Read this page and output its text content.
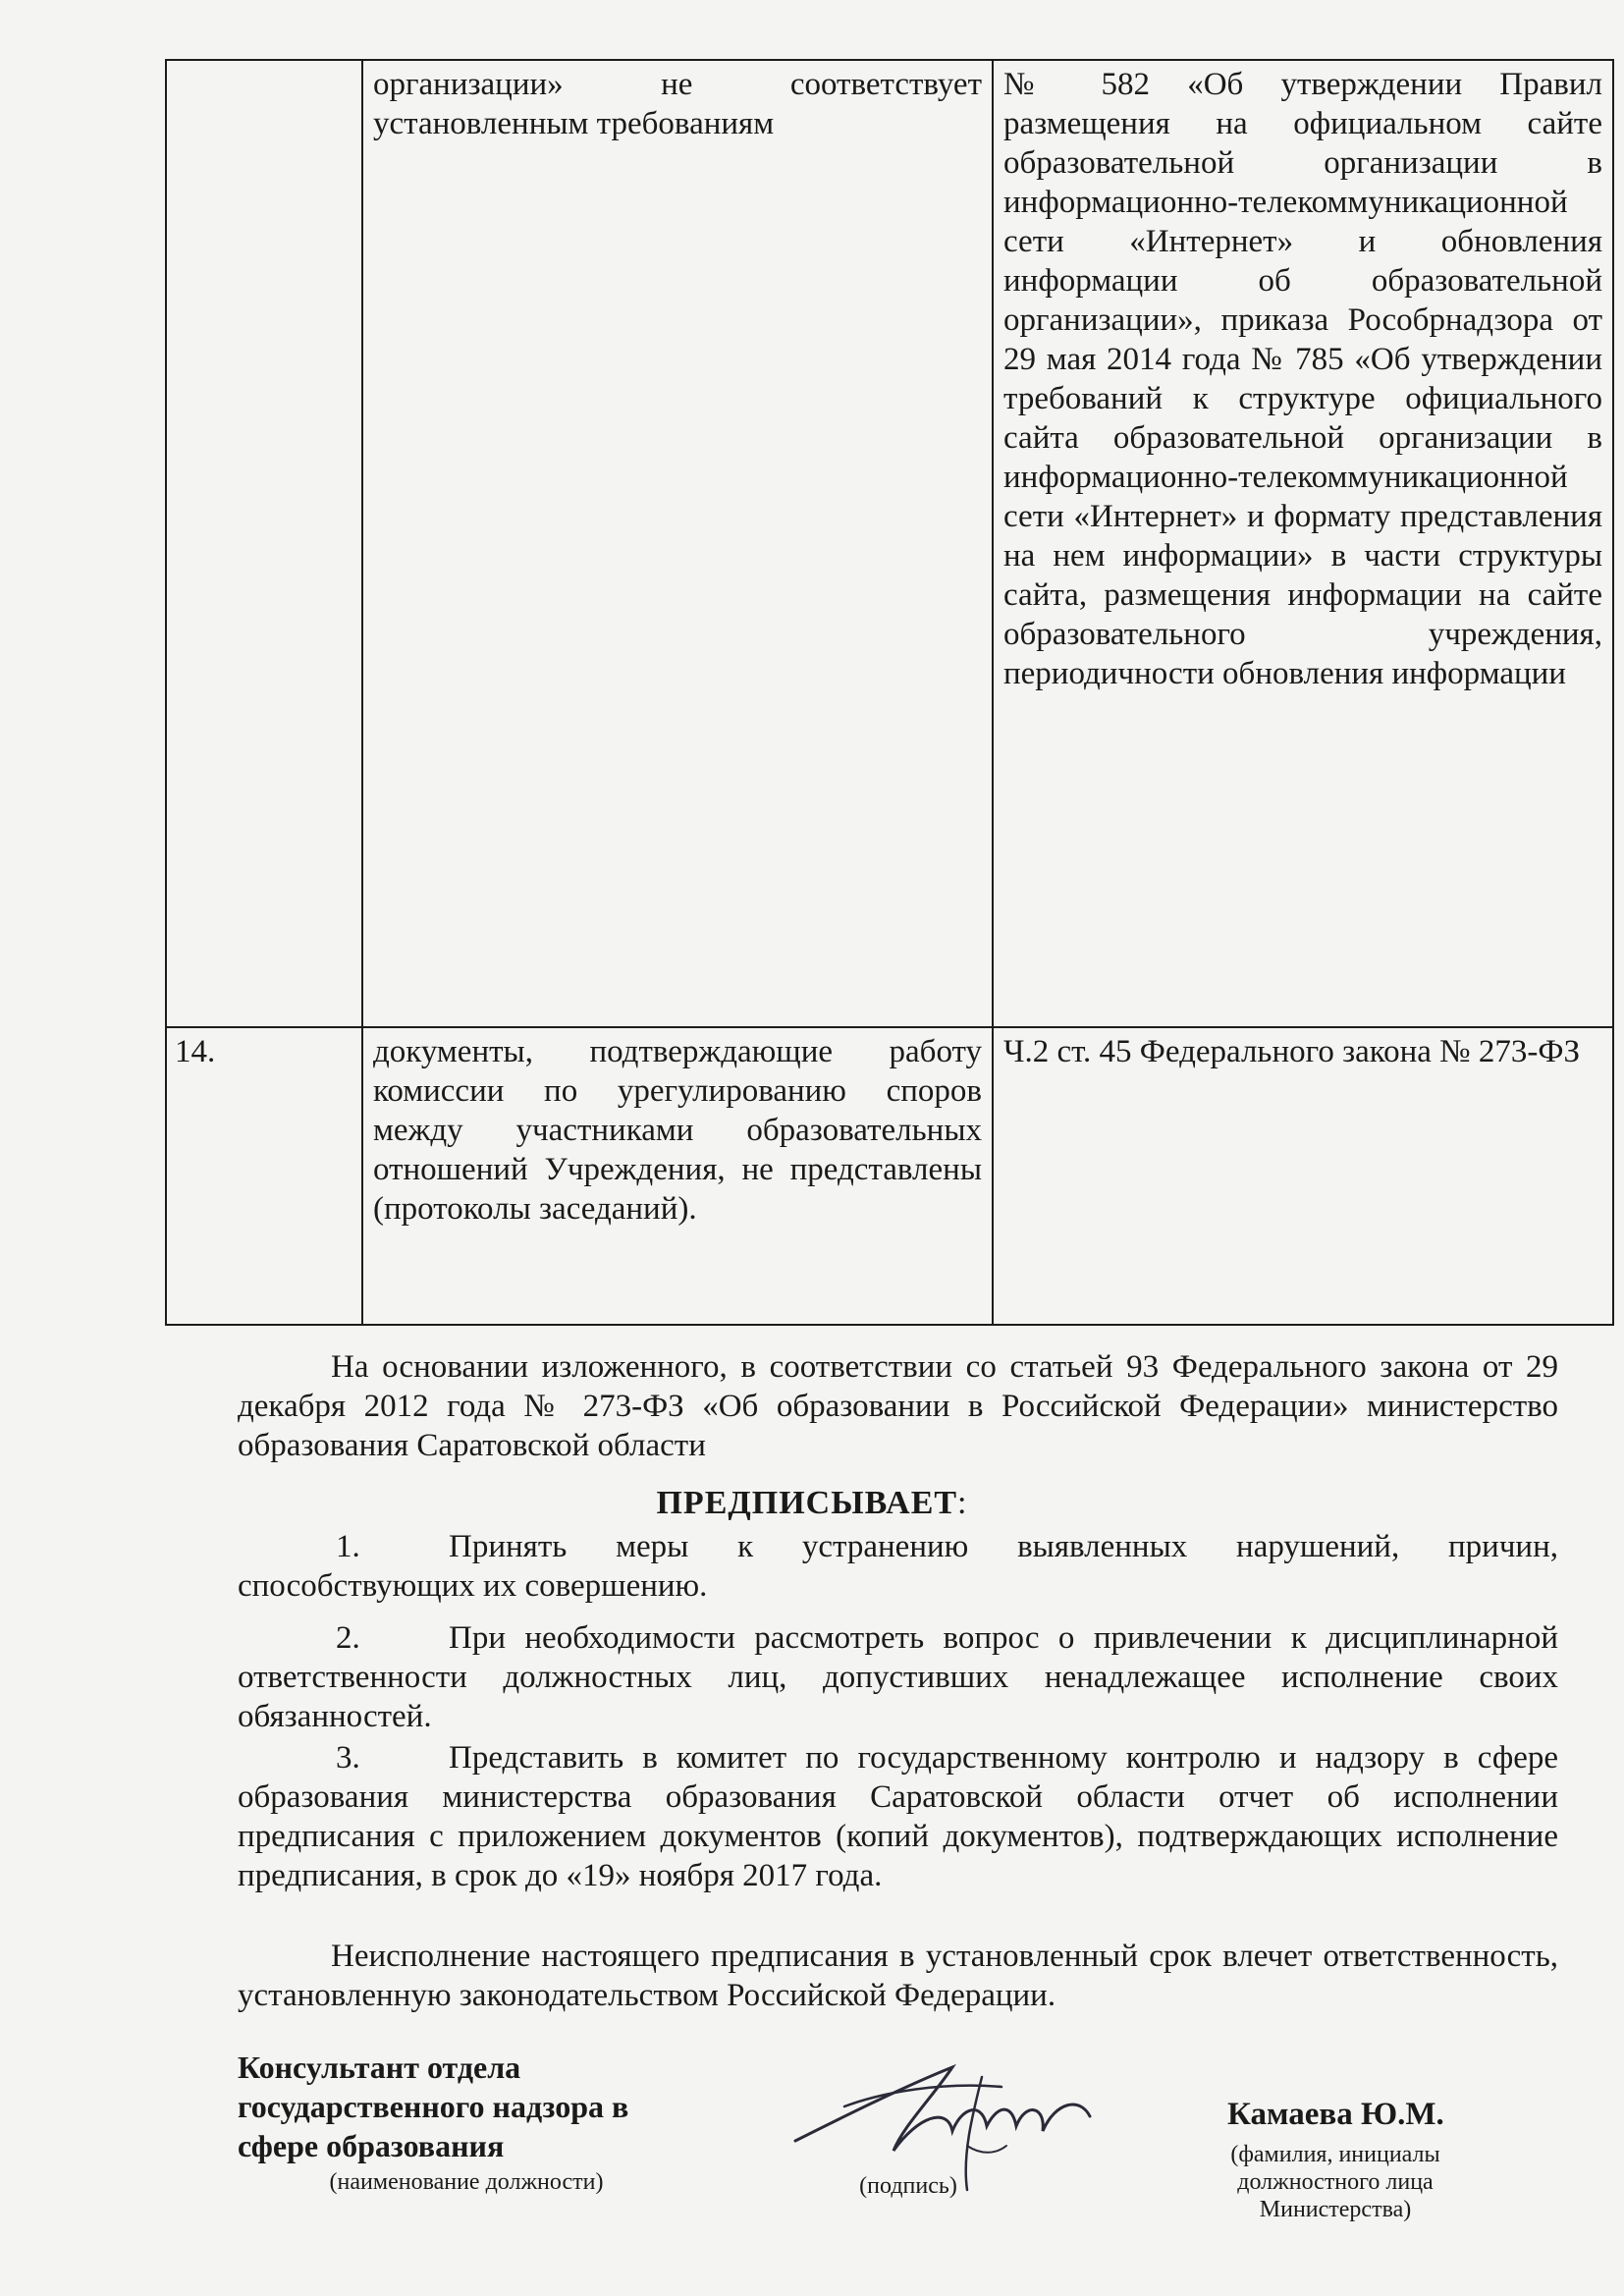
	организации» не соответствует установленным требованиям	№ 582 «Об утверждении Правил размещения на официальном сайте образовательной организации в информационно-телекоммуникационной сети «Интернет» и обновления информации об образовательной организации», приказа Рособрнадзора от 29 мая 2014 года № 785 «Об утверждении требований к структуре официального сайта образовательной организации в информационно-телекоммуникационной сети «Интернет» и формату представления на нем информации» в части структуры сайта, размещения информации на сайте образовательного учреждения, периодичности обновления информации
14.	документы, подтверждающие работу комиссии по урегулированию споров между участниками образовательных отношений Учреждения, не представлены (протоколы заседаний).	Ч.2 ст. 45 Федерального закона № 273-ФЗ
На основании изложенного, в соответствии со статьей 93 Федерального закона от 29 декабря 2012 года № 273-ФЗ «Об образовании в Российской Федерации» министерство образования Саратовской области
ПРЕДПИСЫВАЕТ:
1.	Принять меры к устранению выявленных нарушений, причин, способствующих их совершению.
2.	При необходимости рассмотреть вопрос о привлечении к дисциплинарной ответственности должностных лиц, допустивших ненадлежащее исполнение своих обязанностей.
3.	Представить в комитет по государственному контролю и надзору в сфере образования министерства образования Саратовской области отчет об исполнении предписания с приложением документов (копий документов), подтверждающих исполнение предписания, в срок до «19» ноября 2017 года.
Неисполнение настоящего предписания в установленный срок влечет ответственность, установленную законодательством Российской Федерации.
Консультант отдела государственного надзора в сфере образования
(наименование должности)	(подпись)
Камаева Ю.М.
(фамилия, инициалы должностного лица Министерства)
